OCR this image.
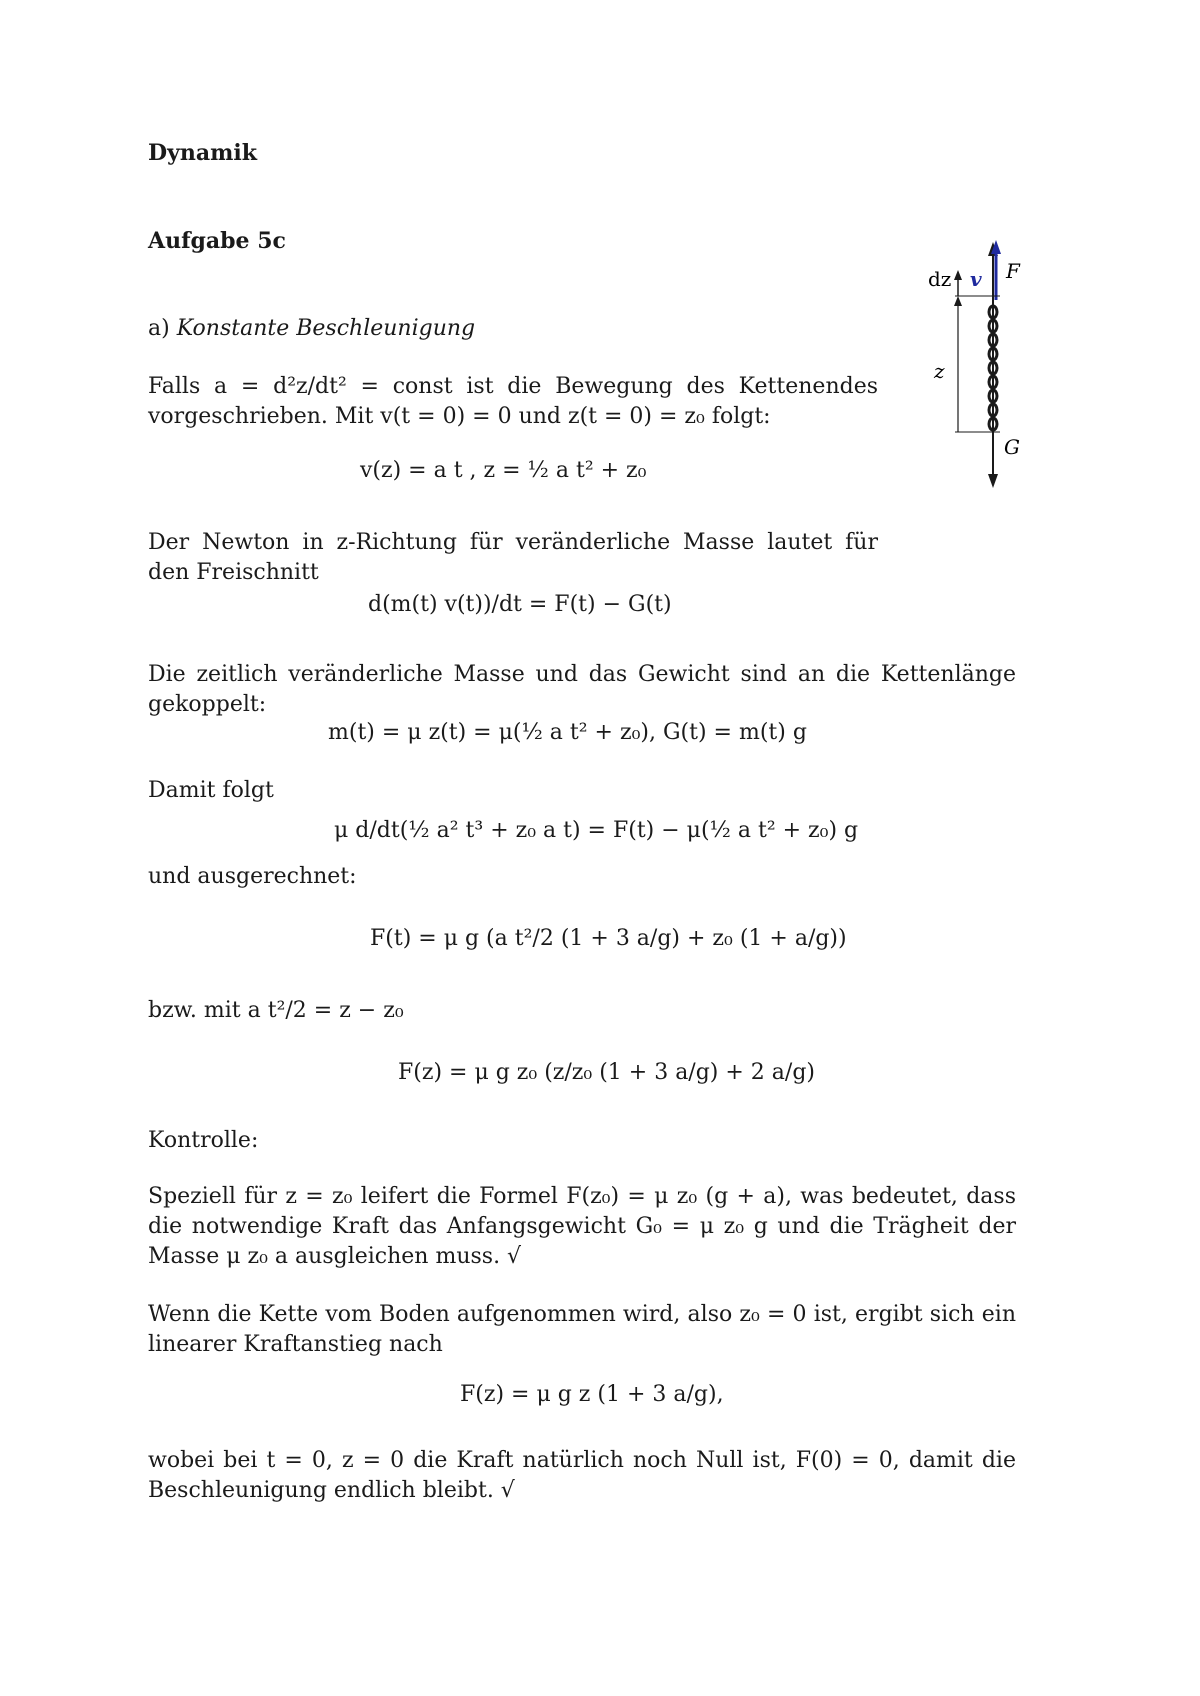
Dynamik
Aufgabe 5c
a) Konstante Beschleunigung
Falls a = d²z/dt² = const ist die Bewegung des Kettenendes vorgeschrieben. Mit v(t = 0) = 0 und z(t = 0) = z₀ folgt:
v(z) = a t , z = ½ a t² + z₀
Der Newton in z-Richtung für veränderliche Masse lautet für den Freischnitt
d(m(t) v(t))/dt = F(t) − G(t)
Die zeitlich veränderliche Masse und das Gewicht sind an die Kettenlänge gekoppelt:
m(t) = μ z(t) = μ(½ a t² + z₀), G(t) = m(t) g
Damit folgt
μ d/dt(½ a² t³ + z₀ a t) = F(t) − μ(½ a t² + z₀) g
und ausgerechnet:
F(t) = μ g (a t²/2 (1 + 3 a/g) + z₀ (1 + a/g))
bzw. mit a t²/2 = z − z₀
F(z) = μ g z₀ (z/z₀ (1 + 3 a/g) + 2 a/g)
Kontrolle:
Speziell für z = z₀ leifert die Formel F(z₀) = μ z₀ (g + a), was bedeutet, dass die notwendige Kraft das Anfangsgewicht G₀ = μ z₀ g und die Trägheit der Masse μ z₀ a ausgleichen muss. √
Wenn die Kette vom Boden aufgenommen wird, also z₀ = 0 ist, ergibt sich ein linearer Kraftanstieg nach
F(z) = μ g z (1 + 3 a/g),
wobei bei t = 0, z = 0 die Kraft natürlich noch Null ist, F(0) = 0, damit die Beschleunigung endlich bleibt. √
dz v F
z
G
